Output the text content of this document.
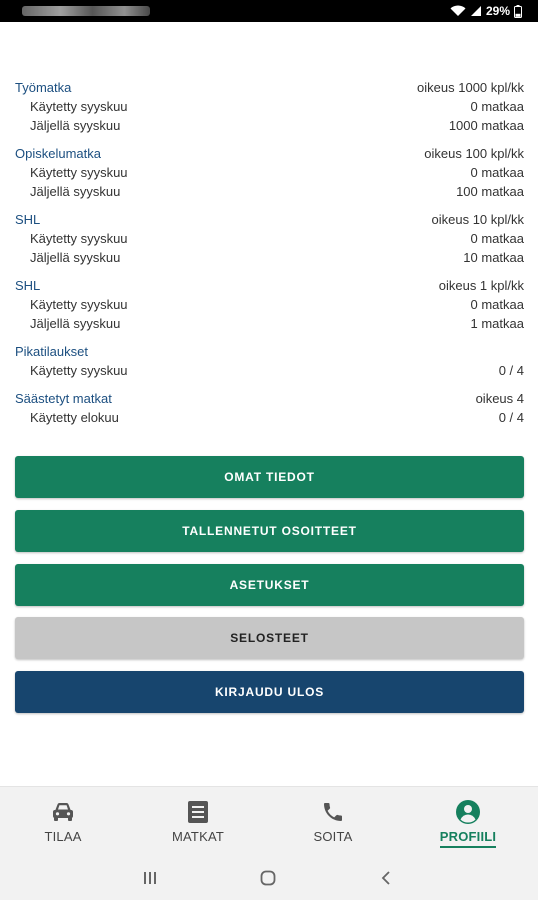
29%
Työmatka	oikeus 1000 kpl/kk
Käytetty syyskuu	0 matkaa
Jäljellä syyskuu	1000 matkaa
Opiskelumatka	oikeus 100 kpl/kk
Käytetty syyskuu	0 matkaa
Jäljellä syyskuu	100 matkaa
SHL	oikeus 10 kpl/kk
Käytetty syyskuu	0 matkaa
Jäljellä syyskuu	10 matkaa
SHL	oikeus 1 kpl/kk
Käytetty syyskuu	0 matkaa
Jäljellä syyskuu	1 matkaa
Pikatilaukset
Käytetty syyskuu	0 / 4
Säästetyt matkat	oikeus 4
Käytetty elokuu	0 / 4
OMAT TIEDOT
TALLENNETUT OSOITTEET
ASETUKSET
SELOSTEET
KIRJAUDU ULOS
TILAA	MATKAT	SOITA	PROFIILI
